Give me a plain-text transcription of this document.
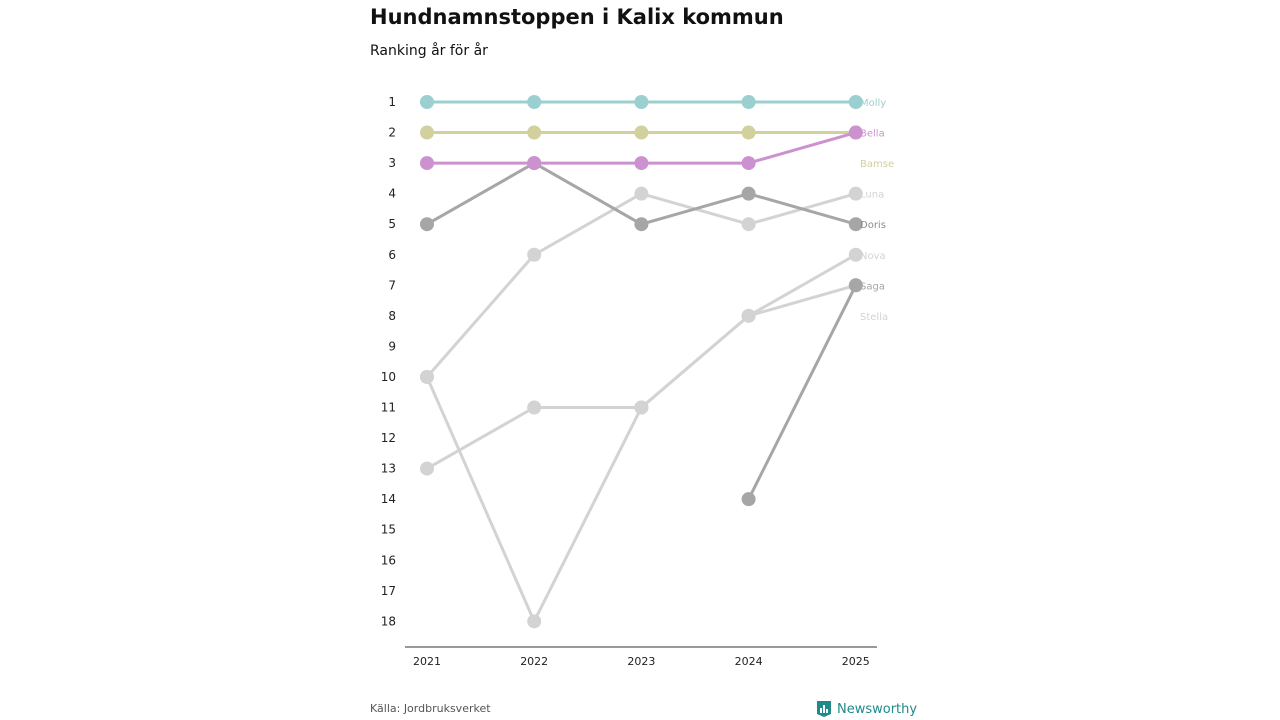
Hundnamnstoppen i Kalix kommun

Ranking år för år

1
2
3
4
5
6
7
8
9
10
11
12
13
14
15
16
17
18
2021	2022	2023	2024	2025
Molly
Bella
Bamse
Luna
Doris
Nova
Saga
Stella
Källa: Jordbruksverket	Newsworthy
